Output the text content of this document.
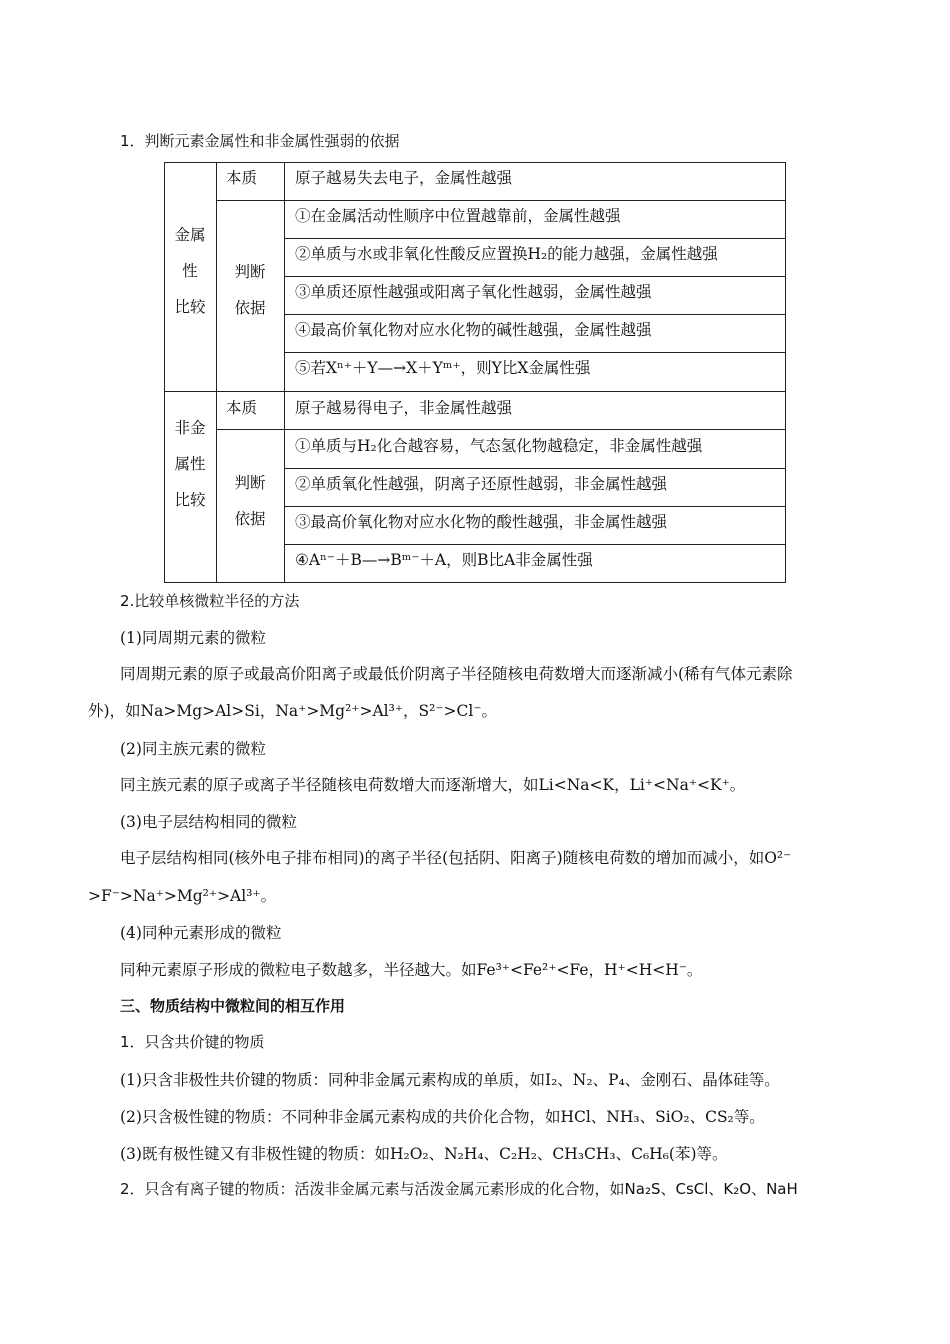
1．判断元素金属性和非金属性强弱的依据
金属
性
比较
本质 原子越易失去电子，金属性越强
判断
依据
①在金属活动性顺序中位置越靠前，金属性越强
②单质与水或非氧化性酸反应置换H₂的能力越强，金属性越强
③单质还原性越强或阳离子氧化性越弱，金属性越强
④最高价氧化物对应水化物的碱性越强，金属性越强
⑤若Xⁿ⁺＋Y—→X＋Yᵐ⁺，则Y比X金属性强
非金
属性
比较
本质 原子越易得电子，非金属性越强
判断
依据
①单质与H₂化合越容易，气态氢化物越稳定，非金属性越强
②单质氧化性越强，阴离子还原性越弱，非金属性越强
③最高价氧化物对应水化物的酸性越强，非金属性越强
④Aⁿ⁻＋B—→Bᵐ⁻＋A，则B比A非金属性强
2.比较单核微粒半径的方法
(1)同周期元素的微粒
同周期元素的原子或最高价阳离子或最低价阴离子半径随核电荷数增大而逐渐减小(稀有气体元素除
外)，如Na>Mg>Al>Si，Na⁺>Mg²⁺>Al³⁺，S²⁻>Cl⁻。
(2)同主族元素的微粒
同主族元素的原子或离子半径随核电荷数增大而逐渐增大，如Li<Na<K，Li⁺<Na⁺<K⁺。
(3)电子层结构相同的微粒
电子层结构相同(核外电子排布相同)的离子半径(包括阴、阳离子)随核电荷数的增加而减小，如O²⁻
>F⁻>Na⁺>Mg²⁺>Al³⁺。
(4)同种元素形成的微粒
同种元素原子形成的微粒电子数越多，半径越大。如Fe³⁺<Fe²⁺<Fe，H⁺<H<H⁻。
三、物质结构中微粒间的相互作用
1．只含共价键的物质
(1)只含非极性共价键的物质：同种非金属元素构成的单质，如I₂、N₂、P₄、金刚石、晶体硅等。
(2)只含极性键的物质：不同种非金属元素构成的共价化合物，如HCl、NH₃、SiO₂、CS₂等。
(3)既有极性键又有非极性键的物质：如H₂O₂、N₂H₄、C₂H₂、CH₃CH₃、C₆H₆(苯)等。
2．只含有离子键的物质：活泼非金属元素与活泼金属元素形成的化合物，如Na₂S、CsCl、K₂O、NaH
